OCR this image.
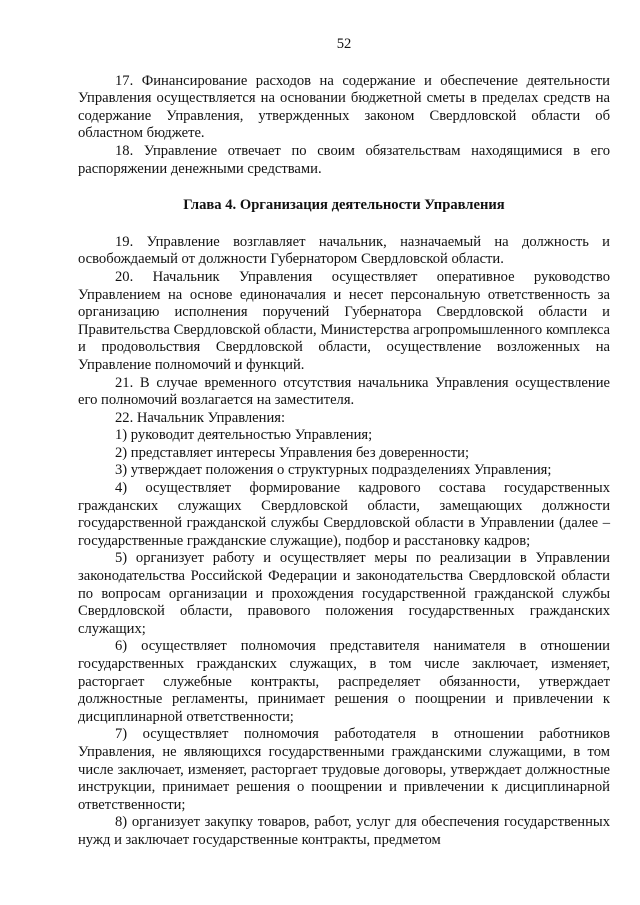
52

17. Финансирование расходов на содержание и обеспечение деятельности Управления осуществляется на основании бюджетной сметы в пределах средств на содержание Управления, утвержденных законом Свердловской области об областном бюджете.

18. Управление отвечает по своим обязательствам находящимися в его распоряжении денежными средствами.

Глава 4. Организация деятельности Управления

19. Управление возглавляет начальник, назначаемый на должность и освобождаемый от должности Губернатором Свердловской области.

20. Начальник Управления осуществляет оперативное руководство Управлением на основе единоначалия и несет персональную ответственность за организацию исполнения поручений Губернатора Свердловской области и Правительства Свердловской области, Министерства агропромышленного комплекса и продовольствия Свердловской области, осуществление возложенных на Управление полномочий и функций.

21. В случае временного отсутствия начальника Управления осуществление его полномочий возлагается на заместителя.

22. Начальник Управления:

1) руководит деятельностью Управления;

2) представляет интересы Управления без доверенности;

3) утверждает положения о структурных подразделениях Управления;

4) осуществляет формирование кадрового состава государственных гражданских служащих Свердловской области, замещающих должности государственной гражданской службы Свердловской области в Управлении (далее – государственные гражданские служащие), подбор и расстановку кадров;

5) организует работу и осуществляет меры по реализации в Управлении законодательства Российской Федерации и законодательства Свердловской области по вопросам организации и прохождения государственной гражданской службы Свердловской области, правового положения государственных гражданских служащих;

6) осуществляет полномочия представителя нанимателя в отношении государственных гражданских служащих, в том числе заключает, изменяет, расторгает служебные контракты, распределяет обязанности, утверждает должностные регламенты, принимает решения о поощрении и привлечении к дисциплинарной ответственности;

7) осуществляет полномочия работодателя в отношении работников Управления, не являющихся государственными гражданскими служащими, в том числе заключает, изменяет, расторгает трудовые договоры, утверждает должностные инструкции, принимает решения о поощрении и привлечении к дисциплинарной ответственности;

8) организует закупку товаров, работ, услуг для обеспечения государственных нужд и заключает государственные контракты, предметом
